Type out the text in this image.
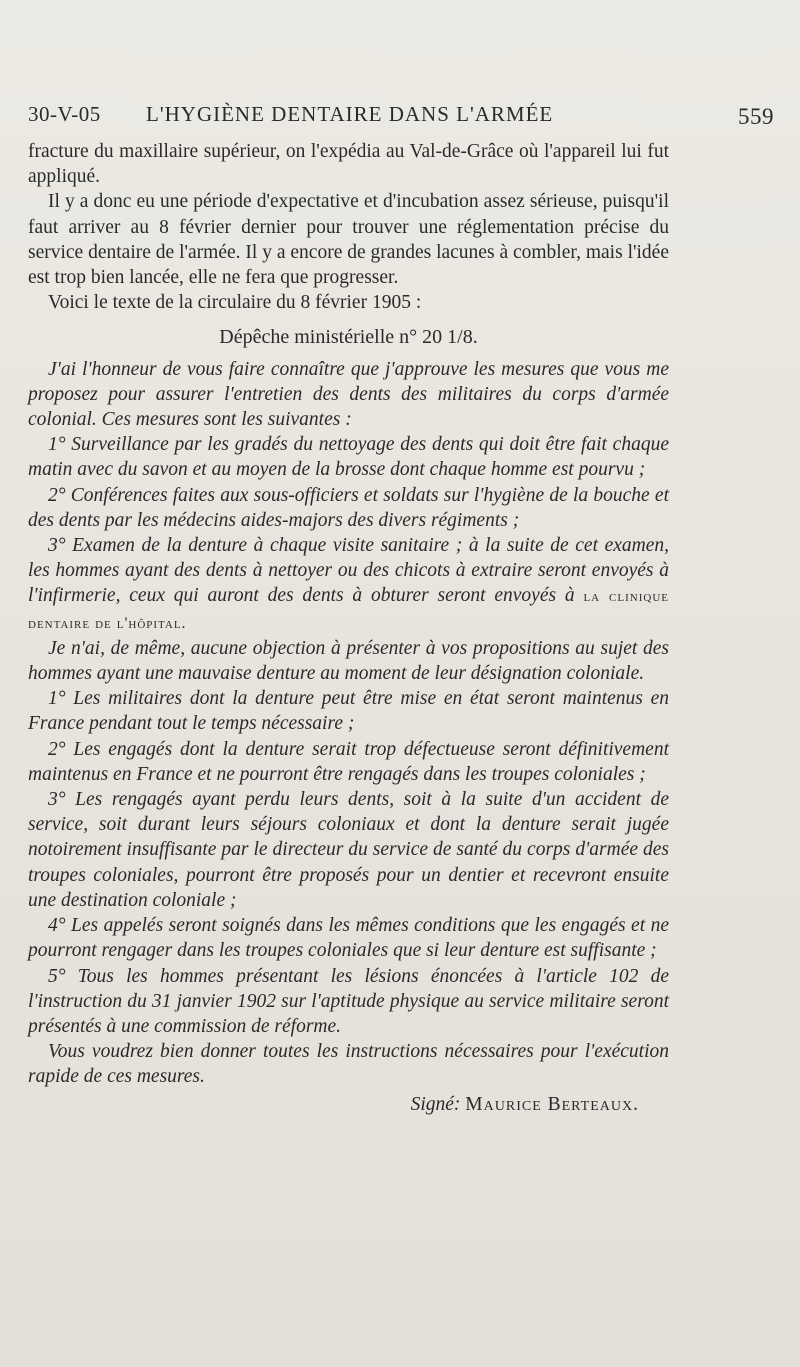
30-V-05 L'HYGIÈNE DENTAIRE DANS L'ARMÉE	559

fracture du maxillaire supérieur, on l'expédia au Val-de-Grâce où l'appareil lui fut appliqué.

Il y a donc eu une période d'expectative et d'incubation assez sérieuse, puisqu'il faut arriver au 8 février dernier pour trouver une réglementation précise du service dentaire de l'armée. Il y a encore de grandes lacunes à combler, mais l'idée est trop bien lancée, elle ne fera que progresser.

Voici le texte de la circulaire du 8 février 1905 :

Dépêche ministérielle n° 20 1/8.

J'ai l'honneur de vous faire connaître que j'approuve les mesures que vous me proposez pour assurer l'entretien des dents des militaires du corps d'armée colonial. Ces mesures sont les suivantes :

1° Surveillance par les gradés du nettoyage des dents qui doit être fait chaque matin avec du savon et au moyen de la brosse dont chaque homme est pourvu ;

2° Conférences faites aux sous-officiers et soldats sur l'hygiène de la bouche et des dents par les médecins aides-majors des divers régiments ;

3° Examen de la denture à chaque visite sanitaire ; à la suite de cet examen, les hommes ayant des dents à nettoyer ou des chicots à extraire seront envoyés à l'infirmerie, ceux qui auront des dents à obturer seront envoyés à la clinique dentaire de l'hôpital.

Je n'ai, de même, aucune objection à présenter à vos propositions au sujet des hommes ayant une mauvaise denture au moment de leur désignation coloniale.

1° Les militaires dont la denture peut être mise en état seront maintenus en France pendant tout le temps nécessaire ;

2° Les engagés dont la denture serait trop défectueuse seront définitivement maintenus en France et ne pourront être rengagés dans les troupes coloniales ;

3° Les rengagés ayant perdu leurs dents, soit à la suite d'un accident de service, soit durant leurs séjours coloniaux et dont la denture serait jugée notoirement insuffisante par le directeur du service de santé du corps d'armée des troupes coloniales, pourront être proposés pour un dentier et recevront ensuite une destination coloniale ;

4° Les appelés seront soignés dans les mêmes conditions que les engagés et ne pourront rengager dans les troupes coloniales que si leur denture est suffisante ;

5° Tous les hommes présentant les lésions énoncées à l'article 102 de l'instruction du 31 janvier 1902 sur l'aptitude physique au service militaire seront présentés à une commission de réforme.

Vous voudrez bien donner toutes les instructions nécessaires pour l'exécution rapide de ces mesures.

Signé: Maurice Berteaux.
